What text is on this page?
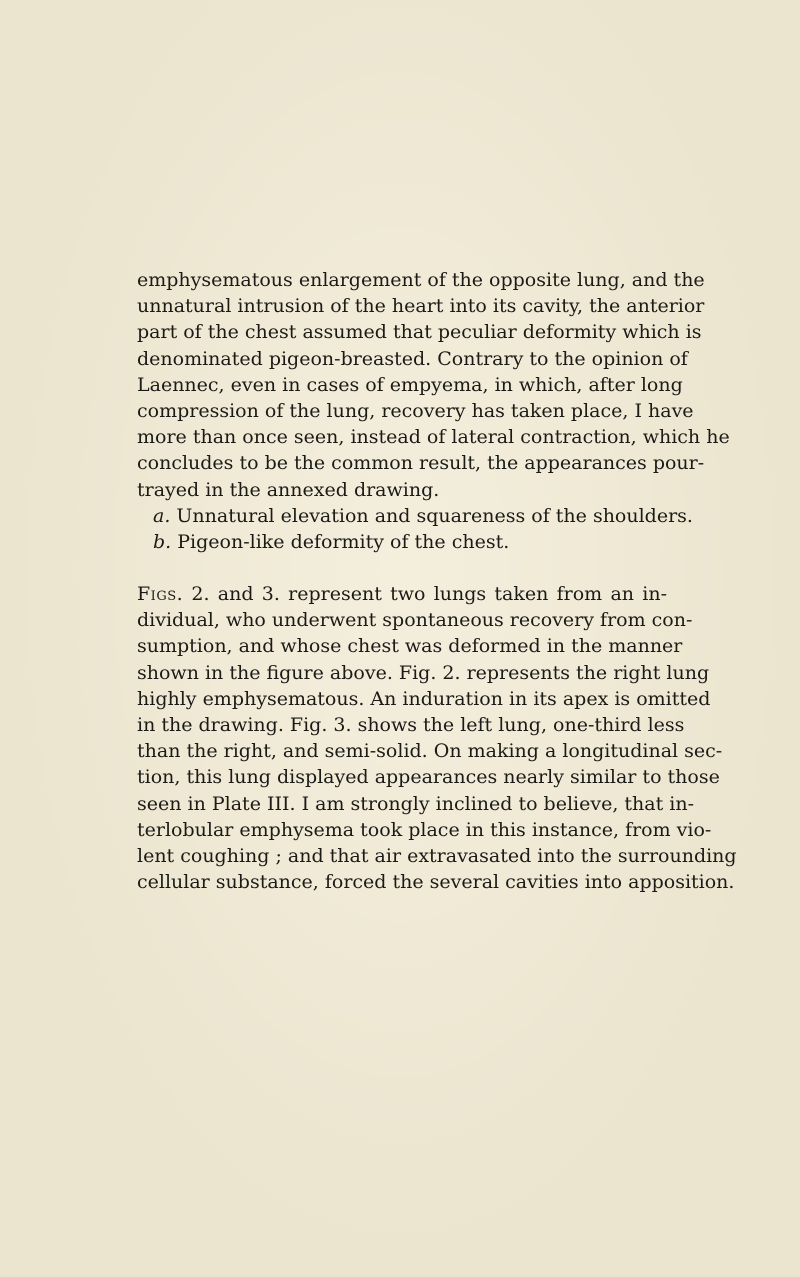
emphysematous enlargement of the opposite lung, and the
unnatural intrusion of the heart into its cavity, the anterior
part of the chest assumed that peculiar deformity which is
denominated pigeon-breasted. Contrary to the opinion of
Laennec, even in cases of empyema, in which, after long
compression of the lung, recovery has taken place, I have
more than once seen, instead of lateral contraction, which he
concludes to be the common result, the appearances pour-
trayed in the annexed drawing.
a. Unnatural elevation and squareness of the shoulders.
b. Pigeon-like deformity of the chest.
Figs. 2. and 3. represent two lungs taken from an in-
dividual, who underwent spontaneous recovery from con-
sumption, and whose chest was deformed in the manner
shown in the figure above. Fig. 2. represents the right lung
highly emphysematous. An induration in its apex is omitted
in the drawing. Fig. 3. shows the left lung, one-third less
than the right, and semi-solid. On making a longitudinal sec-
tion, this lung displayed appearances nearly similar to those
seen in Plate III. I am strongly inclined to believe, that in-
terlobular emphysema took place in this instance, from vio-
lent coughing ; and that air extravasated into the surrounding
cellular substance, forced the several cavities into apposition.
